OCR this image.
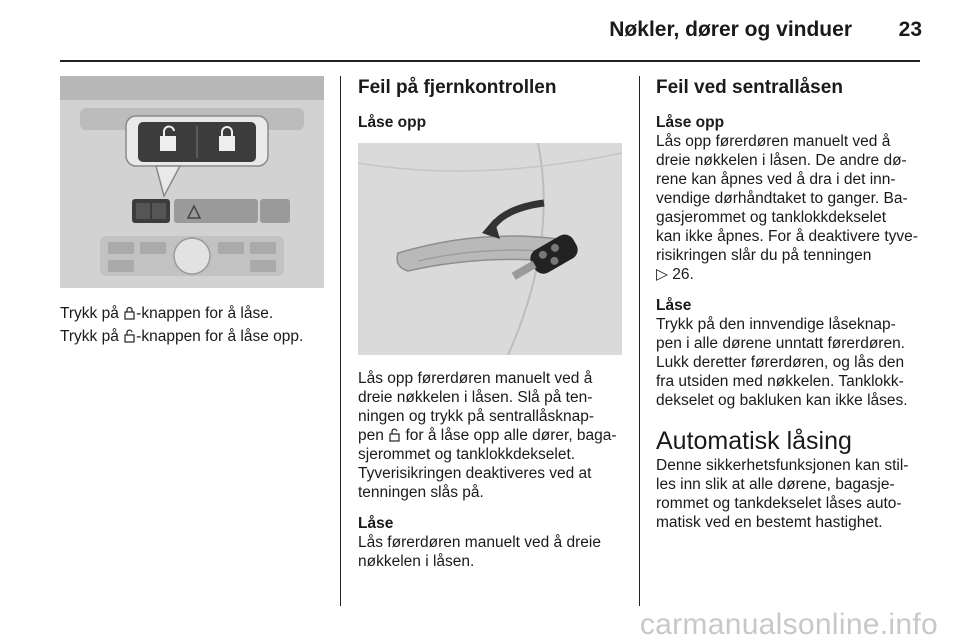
Nøkler, dører og vinduer 23
Trykk på -knappen for å låse.
Trykk på -knappen for å låse opp.
Feil på fjernkontrollen
Låse opp
Lås opp førerdøren manuelt ved å
dreie nøkkelen i låsen. Slå på ten-
ningen og trykk på sentrallåsknap-
pen  for å låse opp alle dører, baga-
sjerommet og tanklokkdekselet.
Tyverisikringen deaktiveres ved at
tenningen slås på.
Låse
Lås førerdøren manuelt ved å dreie
nøkkelen i låsen.
Feil ved sentrallåsen
Låse opp
Lås opp førerdøren manuelt ved å
dreie nøkkelen i låsen. De andre dø-
rene kan åpnes ved å dra i det inn-
vendige dørhåndtaket to ganger. Ba-
gasjerommet og tanklokkdekselet
kan ikke åpnes. For å deaktivere tyve-
risikringen slår du på tenningen
▷ 26.
Låse
Trykk på den innvendige låseknap-
pen i alle dørene unntatt førerdøren.
Lukk deretter førerdøren, og lås den
fra utsiden med nøkkelen. Tanklokk-
dekselet og bakluken kan ikke låses.
Automatisk låsing
Denne sikkerhetsfunksjonen kan stil-
les inn slik at alle dørene, bagasje-
rommet og tankdekselet låses auto-
matisk ved en bestemt hastighet.
carmanualsonline.info
